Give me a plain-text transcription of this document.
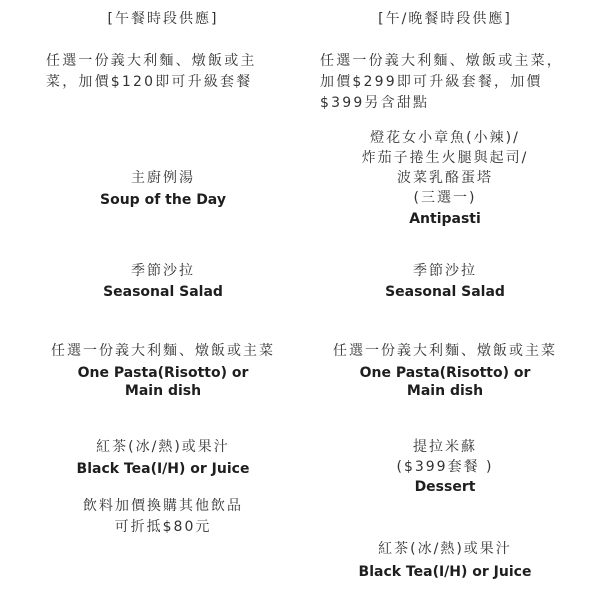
[午餐時段供應]
任選一份義大利麵、燉飯或主
菜，加價$120即可升級套餐
主廚例湯
Soup of the Day
季節沙拉
Seasonal Salad
任選一份義大利麵、燉飯或主菜
One Pasta(Risotto) or
Main dish
紅茶(冰/熱)或果汁
Black Tea(I/H) or Juice
飲料加價換購其他飲品
可折抵$80元
[午/晚餐時段供應]
任選一份義大利麵、燉飯或主菜，
加價$299即可升級套餐，加價
$399另含甜點
燈花女小章魚(小辣)/
炸茄子捲生火腿與起司/
波菜乳酪蛋塔
(三選一)
Antipasti
季節沙拉
Seasonal Salad
任選一份義大利麵、燉飯或主菜
One Pasta(Risotto) or
Main dish
提拉米蘇
($399套餐 )
Dessert
紅茶(冰/熱)或果汁
Black Tea(I/H) or Juice
